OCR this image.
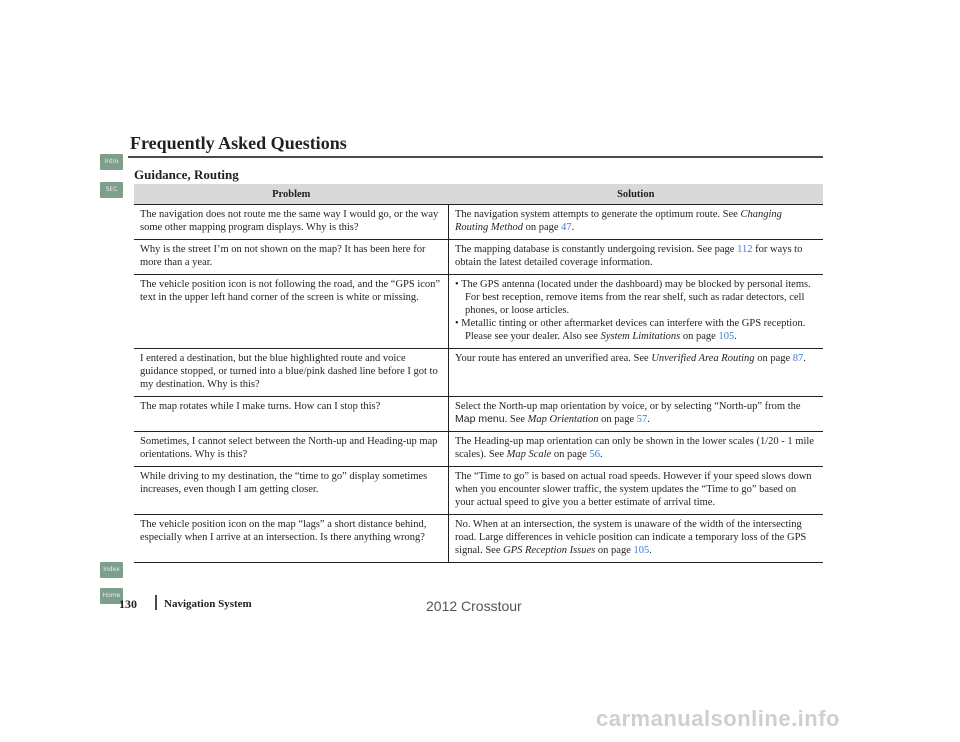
Intro
SEC
Index
Home
Frequently Asked Questions
Guidance, Routing
Problem	Solution
The navigation does not route me the same way I would go, or the way some other mapping program displays. Why is this?	The navigation system attempts to generate the optimum route. See Changing Routing Method on page 47.
Why is the street I’m on not shown on the map? It has been here for more than a year.	The mapping database is constantly undergoing revision. See page 112 for ways to obtain the latest detailed coverage information.
The vehicle position icon is not following the road, and the “GPS icon” text in the upper left hand corner of the screen is white or missing.	• The GPS antenna (located under the dashboard) may be blocked by personal items. For best reception, remove items from the rear shelf, such as radar detectors, cell phones, or loose articles.
• Metallic tinting or other aftermarket devices can interfere with the GPS reception. Please see your dealer. Also see System Limitations on page 105.

I entered a destination, but the blue highlighted route and voice guidance stopped, or turned into a blue/pink dashed line before I got to my destination. Why is this?	Your route has entered an unverified area. See Unverified Area Routing on page 87.
The map rotates while I make turns. How can I stop this?	Select the North-up map orientation by voice, or by selecting “North-up” from the Map menu. See Map Orientation on page 57.
Sometimes, I cannot select between the North-up and Heading-up map orientations. Why is this?	The Heading-up map orientation can only be shown in the lower scales (1/20 - 1 mile scales). See Map Scale on page 56.
While driving to my destination, the “time to go” display sometimes increases, even though I am getting closer.	The “Time to go” is based on actual road speeds. However if your speed slows down when you encounter slower traffic, the system updates the “Time to go” based on your actual speed to give you a better estimate of arrival time.
The vehicle position icon on the map “lags” a short distance behind, especially when I arrive at an intersection. Is there anything wrong?	No. When at an intersection, the system is unaware of the width of the intersecting road. Large differences in vehicle position can indicate a temporary loss of the GPS signal. See GPS Reception Issues on page 105.
130 Navigation System	2012 Crosstour
carmanualsonline.info
